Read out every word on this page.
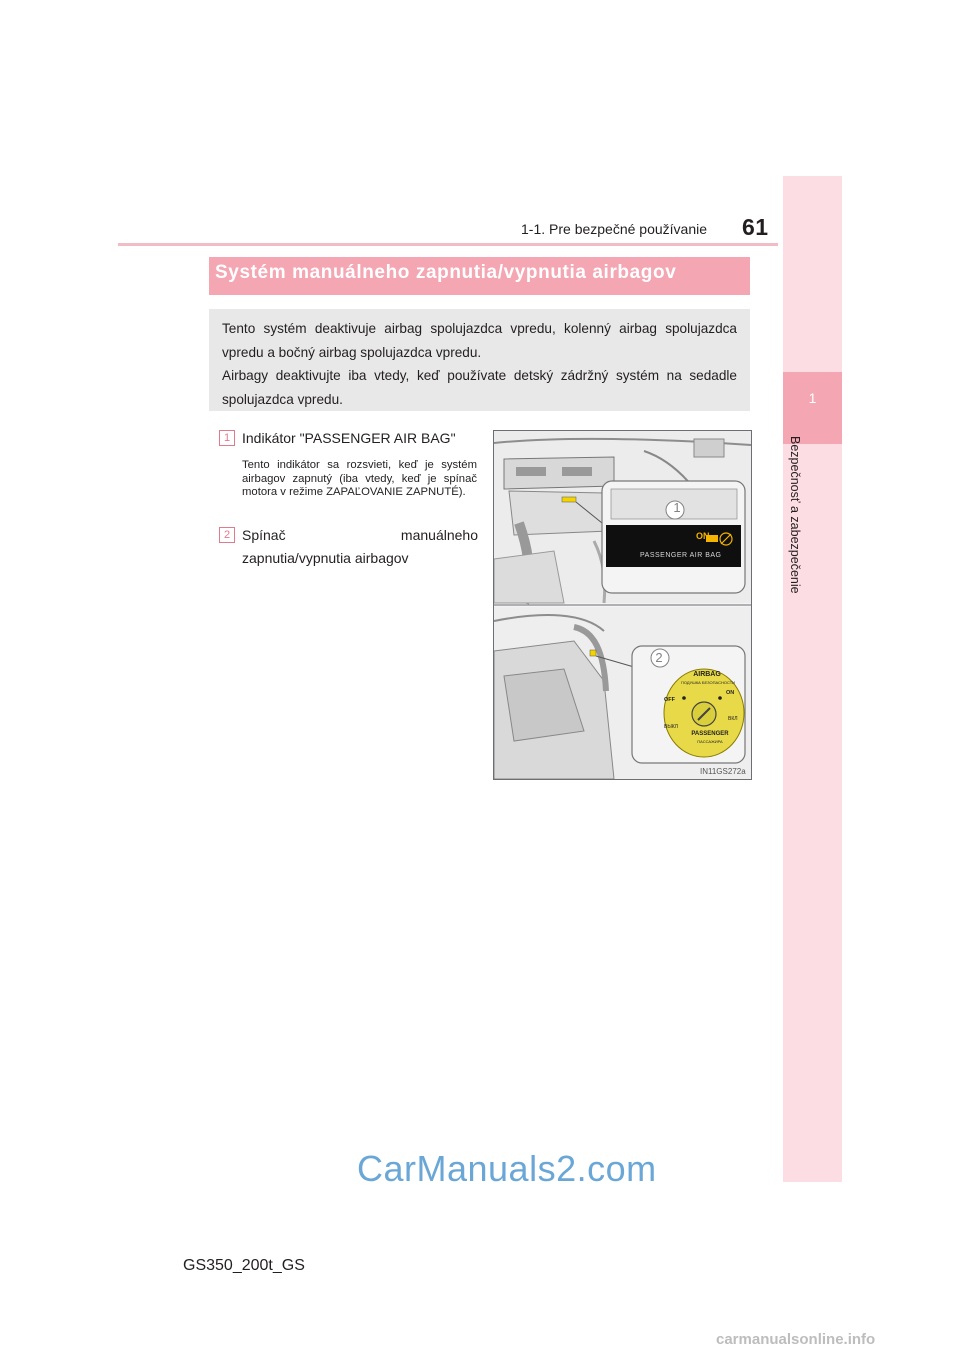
1-1. Pre bezpečné používanie 61
1
Bezpečnosť a zabezpečenie
Systém manuálneho zapnutia/vypnutia airbagov

Tento systém deaktivuje airbag spolujazdca vpredu, kolenný airbag spolujazdca vpredu a bočný airbag spolujazdca vpredu.

Airbagy deaktivujte iba vtedy, keď používate detský zádržný systém na sedadle spolujazdca vpredu.

1 Indikátor "PASSENGER AIR BAG"
Tento indikátor sa rozsvieti, keď je systém airbagov zapnutý (iba vtedy, keď je spínač motora v režime ZAPAĽOVANIE ZAPNUTÉ).
2 Spínač manuálneho zapnutia/vypnutia airbagov
1
ON
PASSENGER AIR BAG
2
AIRBAG
ПОДУШКА БЕЗОПАСНОСТИ
OFF
ON
ВЫКЛ
ВКЛ
PASSENGER
ПАССАЖИРА
IN11GS272a
CarManuals2.com
GS350_200t_GS
carmanualsonline.info
